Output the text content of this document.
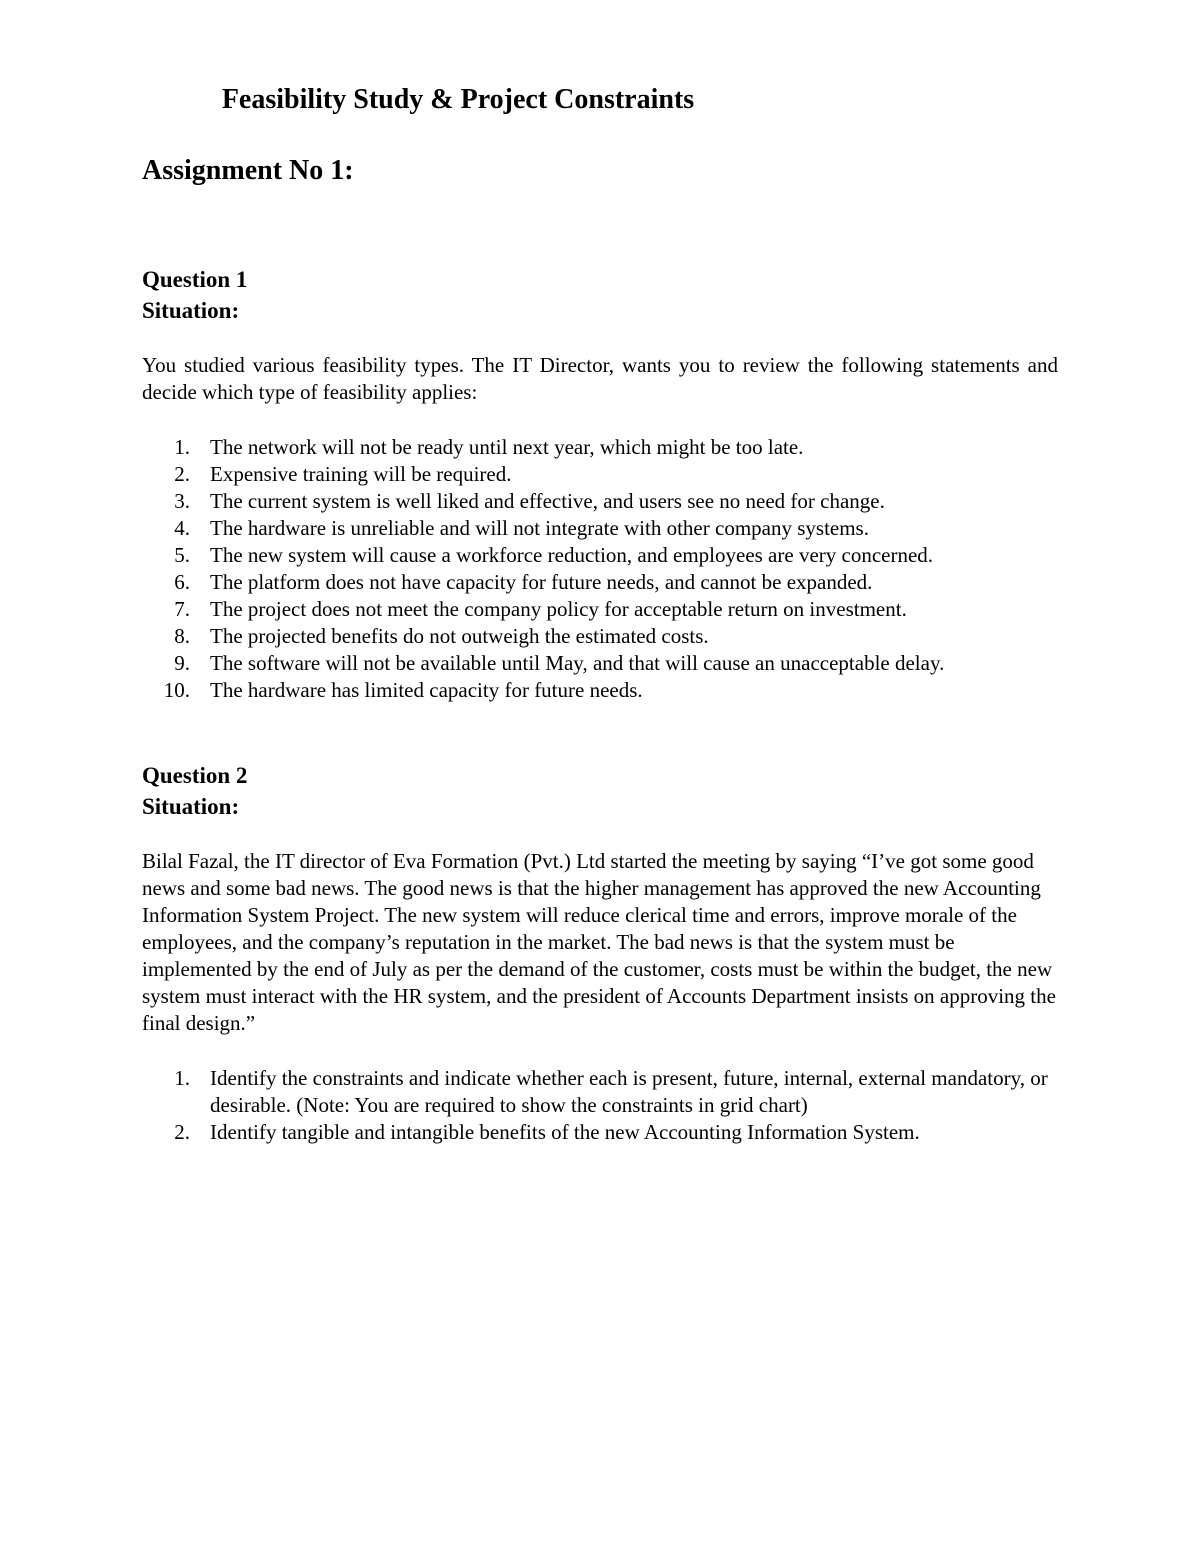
Feasibility Study & Project Constraints
Assignment No 1:
Question 1
Situation:

You studied various feasibility types. The IT Director, wants you to review the following statements and decide which type of feasibility applies:

1. The network will not be ready until next year, which might be too late.
2. Expensive training will be required.
3. The current system is well liked and effective, and users see no need for change.
4. The hardware is unreliable and will not integrate with other company systems.
5. The new system will cause a workforce reduction, and employees are very concerned.
6. The platform does not have capacity for future needs, and cannot be expanded.
7. The project does not meet the company policy for acceptable return on investment.
8. The projected benefits do not outweigh the estimated costs.
9. The software will not be available until May, and that will cause an unacceptable delay.
10. The hardware has limited capacity for future needs.
Question 2
Situation:

Bilal Fazal, the IT director of Eva Formation (Pvt.) Ltd started the meeting by saying “I’ve got some good news and some bad news. The good news is that the higher management has approved the new Accounting Information System Project. The new system will reduce clerical time and errors, improve morale of the employees, and the company’s reputation in the market. The bad news is that the system must be implemented by the end of July as per the demand of the customer, costs must be within the budget, the new system must interact with the HR system, and the president of Accounts Department insists on approving the final design.”

1. Identify the constraints and indicate whether each is present, future, internal, external mandatory, or desirable. (Note: You are required to show the constraints in grid chart)
2. Identify tangible and intangible benefits of the new Accounting Information System.
